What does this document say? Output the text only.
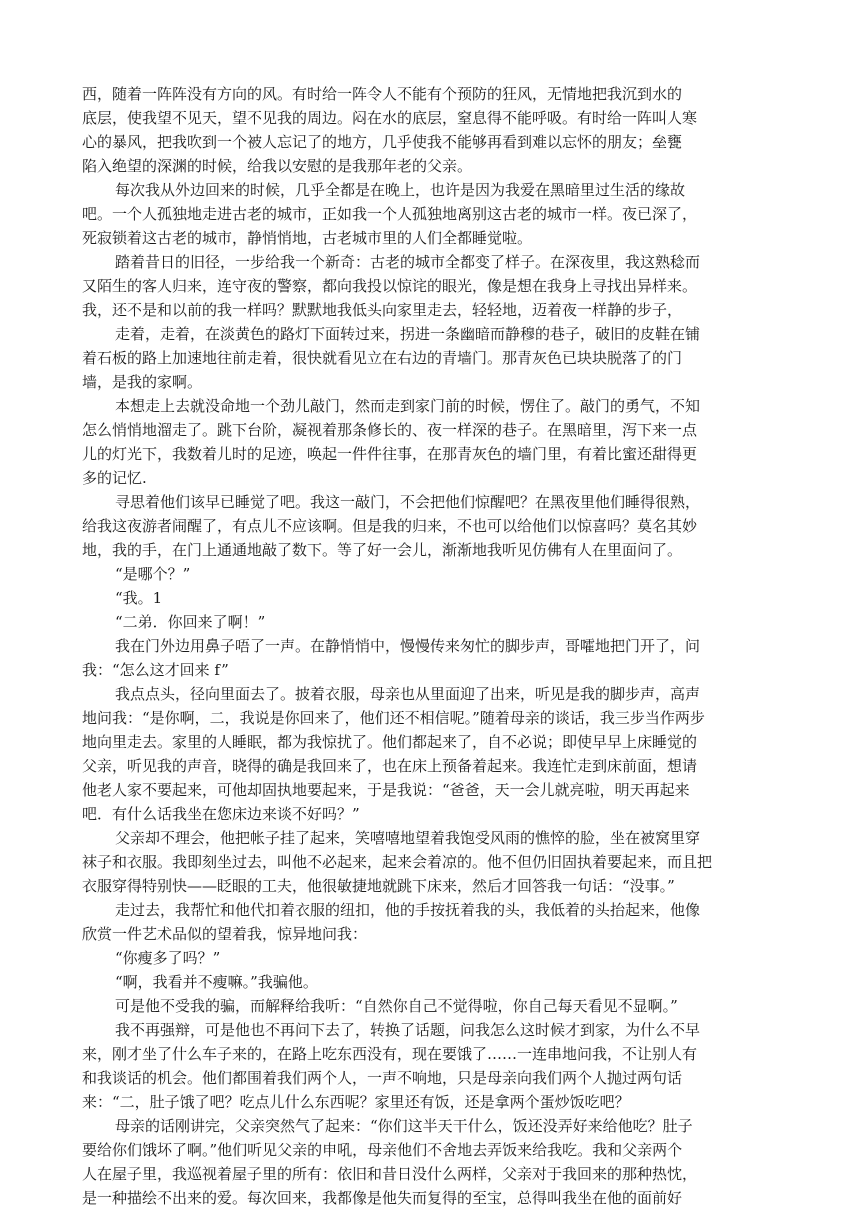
西，随着一阵阵没有方向的风。有时给一阵令人不能有个预防的狂风，无情地把我沉到水的
底层，使我望不见天，望不见我的周边。闷在水的底层，窒息得不能呼吸。有时给一阵叫人寒
心的暴风，把我吹到一个被人忘记了的地方，几乎使我不能够再看到难以忘怀的朋友；垒甕
陷入绝望的深渊的时候，给我以安慰的是我那年老的父亲。
每次我从外边回来的时候，几乎全都是在晚上，也许是因为我爱在黑暗里过生活的缘故
吧。一个人孤独地走进古老的城市，正如我一个人孤独地离别这古老的城市一样。夜已深了，
死寂锁着这古老的城市，静悄悄地，古老城市里的人们全都睡觉啦。
踏着昔日的旧径，一步给我一个新奇：古老的城市全都变了样子。在深夜里，我这熟稔而
又陌生的客人归来，连守夜的警察，都向我投以惊诧的眼光，像是想在我身上寻找出异样来。
我，还不是和以前的我一样吗？默默地我低头向家里走去，轻轻地，迈着夜一样静的步子，
走着，走着，在淡黄色的路灯下面转过来，拐进一条幽暗而静穆的巷子，破旧的皮鞋在铺
着石板的路上加速地往前走着，很快就看见立在右边的青墙门。那青灰色已块块脱落了的门
墙，是我的家啊。
本想走上去就没命地一个劲儿敲门，然而走到家门前的时候，愣住了。敲门的勇气，不知
怎么悄悄地溜走了。跳下台阶，凝视着那条修长的、夜一样深的巷子。在黑暗里，泻下来一点
儿的灯光下，我数着儿时的足迹，唤起一件件往事，在那青灰色的墙门里，有着比蜜还甜得更
多的记忆.
寻思着他们该早已睡觉了吧。我这一敲门，不会把他们惊醒吧？在黑夜里他们睡得很熟，
给我这夜游者闹醒了，有点儿不应该啊。但是我的归来，不也可以给他们以惊喜吗？莫名其妙
地，我的手，在门上通通地敲了数下。等了好一会儿，渐渐地我听见仿佛有人在里面问了。
“是哪个？”
“我。1
“二弟．你回来了啊！”
我在门外边用鼻子唔了一声。在静悄悄中，慢慢传来匆忙的脚步声，哥嚯地把门开了，问
我：“怎么这才回来 f”
我点点头，径向里面去了。披着衣服，母亲也从里面迎了出来，听见是我的脚步声，高声
地问我：“是你啊，二，我说是你回来了，他们还不相信呢。”随着母亲的谈话，我三步当作两步
地向里走去。家里的人睡眠，都为我惊扰了。他们都起来了，自不必说；即使早早上床睡觉的
父亲，听见我的声音，晓得的确是我回来了，也在床上预备着起来。我连忙走到床前面，想请
他老人家不要起来，可他却固执地要起来，于是我说：“爸爸，天一会儿就亮啦，明天再起来
吧．有什么话我坐在您床边来谈不好吗？”
父亲却不理会，他把帐子挂了起来，笑嘻嘻地望着我饱受风雨的憔悴的脸，坐在被窝里穿
袜子和衣服。我即刻坐过去，叫他不必起来，起来会着凉的。他不但仍旧固执着要起来，而且把
衣服穿得特别快——眨眼的工夫，他很敏捷地就跳下床来，然后才回答我一句话：“没事。”
走过去，我帮忙和他代扣着衣服的纽扣，他的手按抚着我的头，我低着的头抬起来，他像
欣赏一件艺术品似的望着我，惊异地问我：
“你瘦多了吗？”
“啊，我看并不瘦嘛。”我骗他。
可是他不受我的骗，而解释给我听：“自然你自己不觉得啦，你自己每天看见不显啊。”
我不再强辩，可是他也不再问下去了，转换了话题，问我怎么这时候才到家，为什么不早
来，刚才坐了什么车子来的，在路上吃东西没有，现在要饿了……一连串地问我，不让别人有
和我谈话的机会。他们都围着我们两个人，一声不响地，只是母亲向我们两个人抛过两句话
来：“二，肚子饿了吧？吃点儿什么东西呢？家里还有饭，还是拿两个蛋炒饭吃吧？
母亲的话刚讲完，父亲突然气了起来：“你们这半天干什么，饭还没弄好来给他吃？肚子
要给你们饿坏了啊。”他们听见父亲的申吼，母亲他们不舍地去弄饭来给我吃。我和父亲两个
人在屋子里，我巡视着屋子里的所有：依旧和昔日没什么两样，父亲对于我回来的那种热忱，
是一种描绘不出来的爱。每次回来，我都像是他失而复得的至宝，总得叫我坐在他的面前好
